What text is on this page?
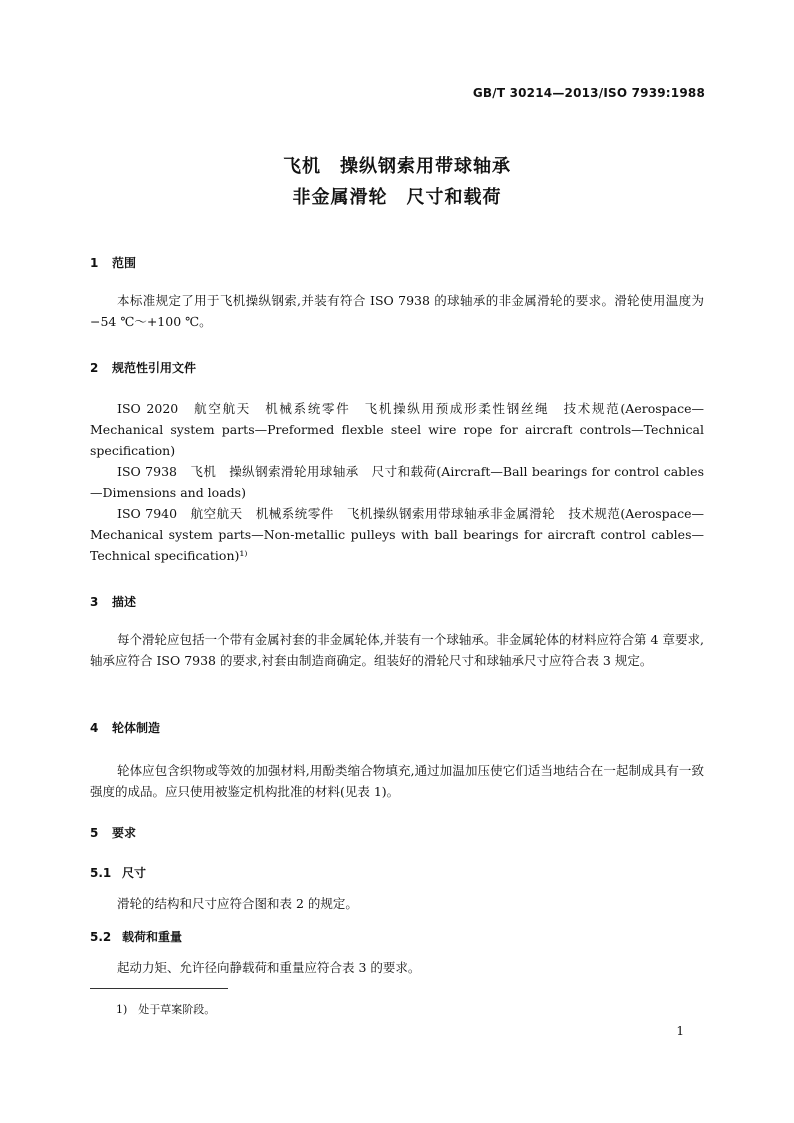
GB/T 30214—2013/ISO 7939:1988
飞机　操纵钢索用带球轴承
非金属滑轮　尺寸和载荷
1 范围

本标准规定了用于飞机操纵钢索,并装有符合 ISO 7938 的球轴承的非金属滑轮的要求。滑轮使用温度为−54 ℃～+100 ℃。

2 规范性引用文件

ISO 2020　航空航天　机械系统零件　飞机操纵用预成形柔性钢丝绳　技术规范(Aerospace—Mechanical system parts—Preformed flexble steel wire rope for aircraft controls—Technical specification)

ISO 7938　飞机　操纵钢索滑轮用球轴承　尺寸和载荷(Aircraft—Ball bearings for control cables—Dimensions and loads)

ISO 7940　航空航天　机械系统零件　飞机操纵钢索用带球轴承非金属滑轮　技术规范(Aerospace—Mechanical system parts—Non-metallic pulleys with ball bearings for aircraft control cables—Technical specification)¹⁾

3 描述

每个滑轮应包括一个带有金属衬套的非金属轮体,并装有一个球轴承。非金属轮体的材料应符合第 4 章要求,轴承应符合 ISO 7938 的要求,衬套由制造商确定。组装好的滑轮尺寸和球轴承尺寸应符合表 3 规定。

4 轮体制造

轮体应包含织物或等效的加强材料,用酚类缩合物填充,通过加温加压使它们适当地结合在一起制成具有一致强度的成品。应只使用被鉴定机构批准的材料(见表 1)。

5 要求
5.1 尺寸

滑轮的结构和尺寸应符合图和表 2 的规定。

5.2 载荷和重量

起动力矩、允许径向静载荷和重量应符合表 3 的要求。

1)　处于草案阶段。
1
